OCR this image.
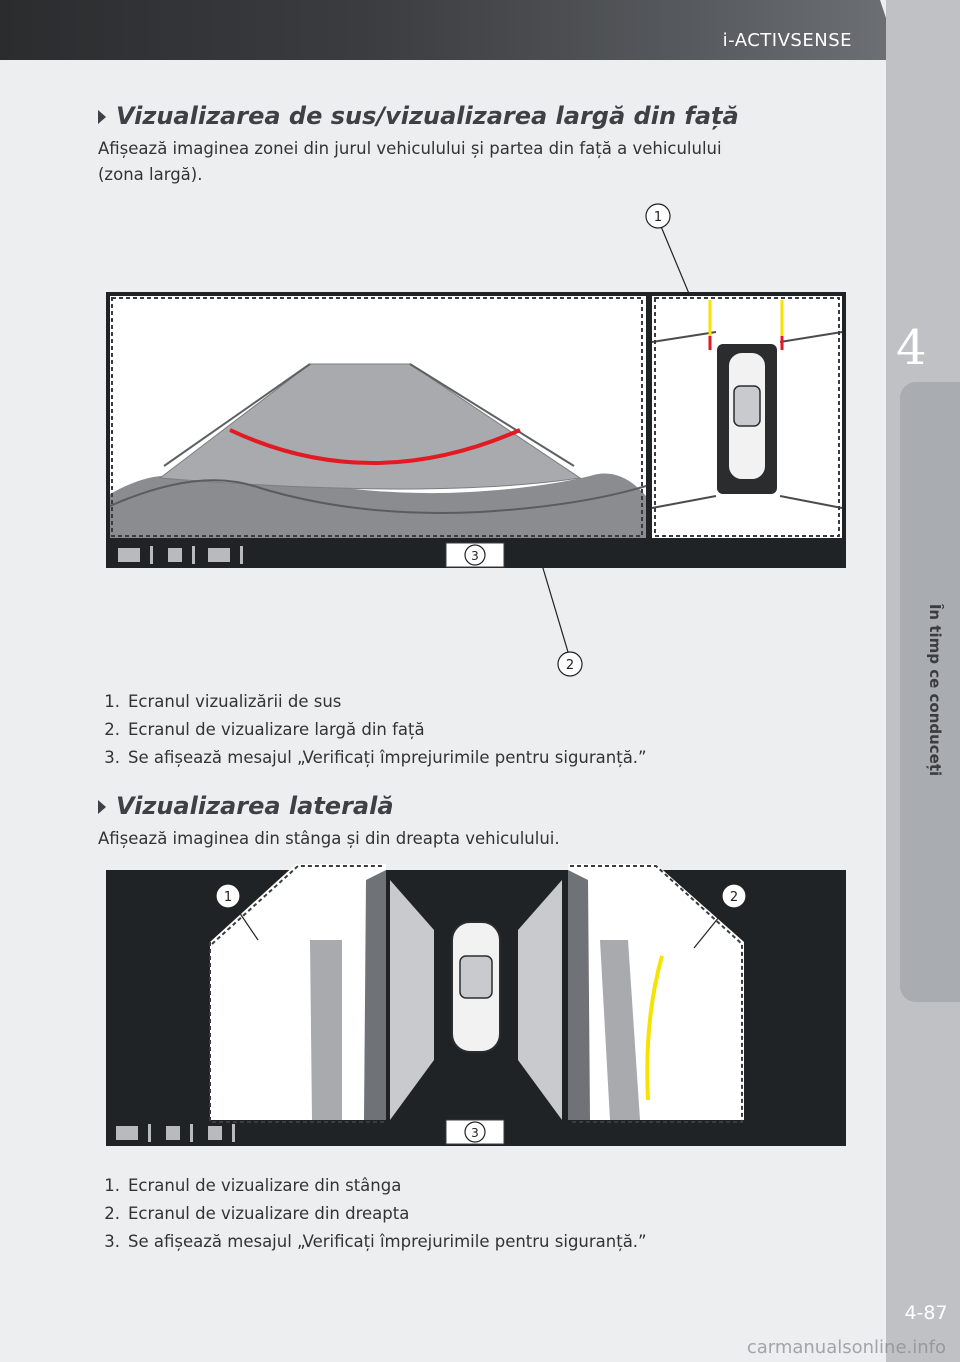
i-ACTIVSENSE
4
În timp ce conduceți
Vizualizarea de sus/vizualizarea largă din față

Afișează imaginea zonei din jurul vehiculului și partea din față a vehiculului
(zona largă).

3
1
2
1. Ecranul vizualizării de sus
2. Ecranul de vizualizare largă din față
3. Se afișează mesajul „Verificați împrejurimile pentru siguranță.”
Vizualizarea laterală

Afișează imaginea din stânga și din dreapta vehiculului.

3
1	2
1. Ecranul de vizualizare din stânga
2. Ecranul de vizualizare din dreapta
3. Se afișează mesajul „Verificați împrejurimile pentru siguranță.”
4-87
carmanualsonline.info
